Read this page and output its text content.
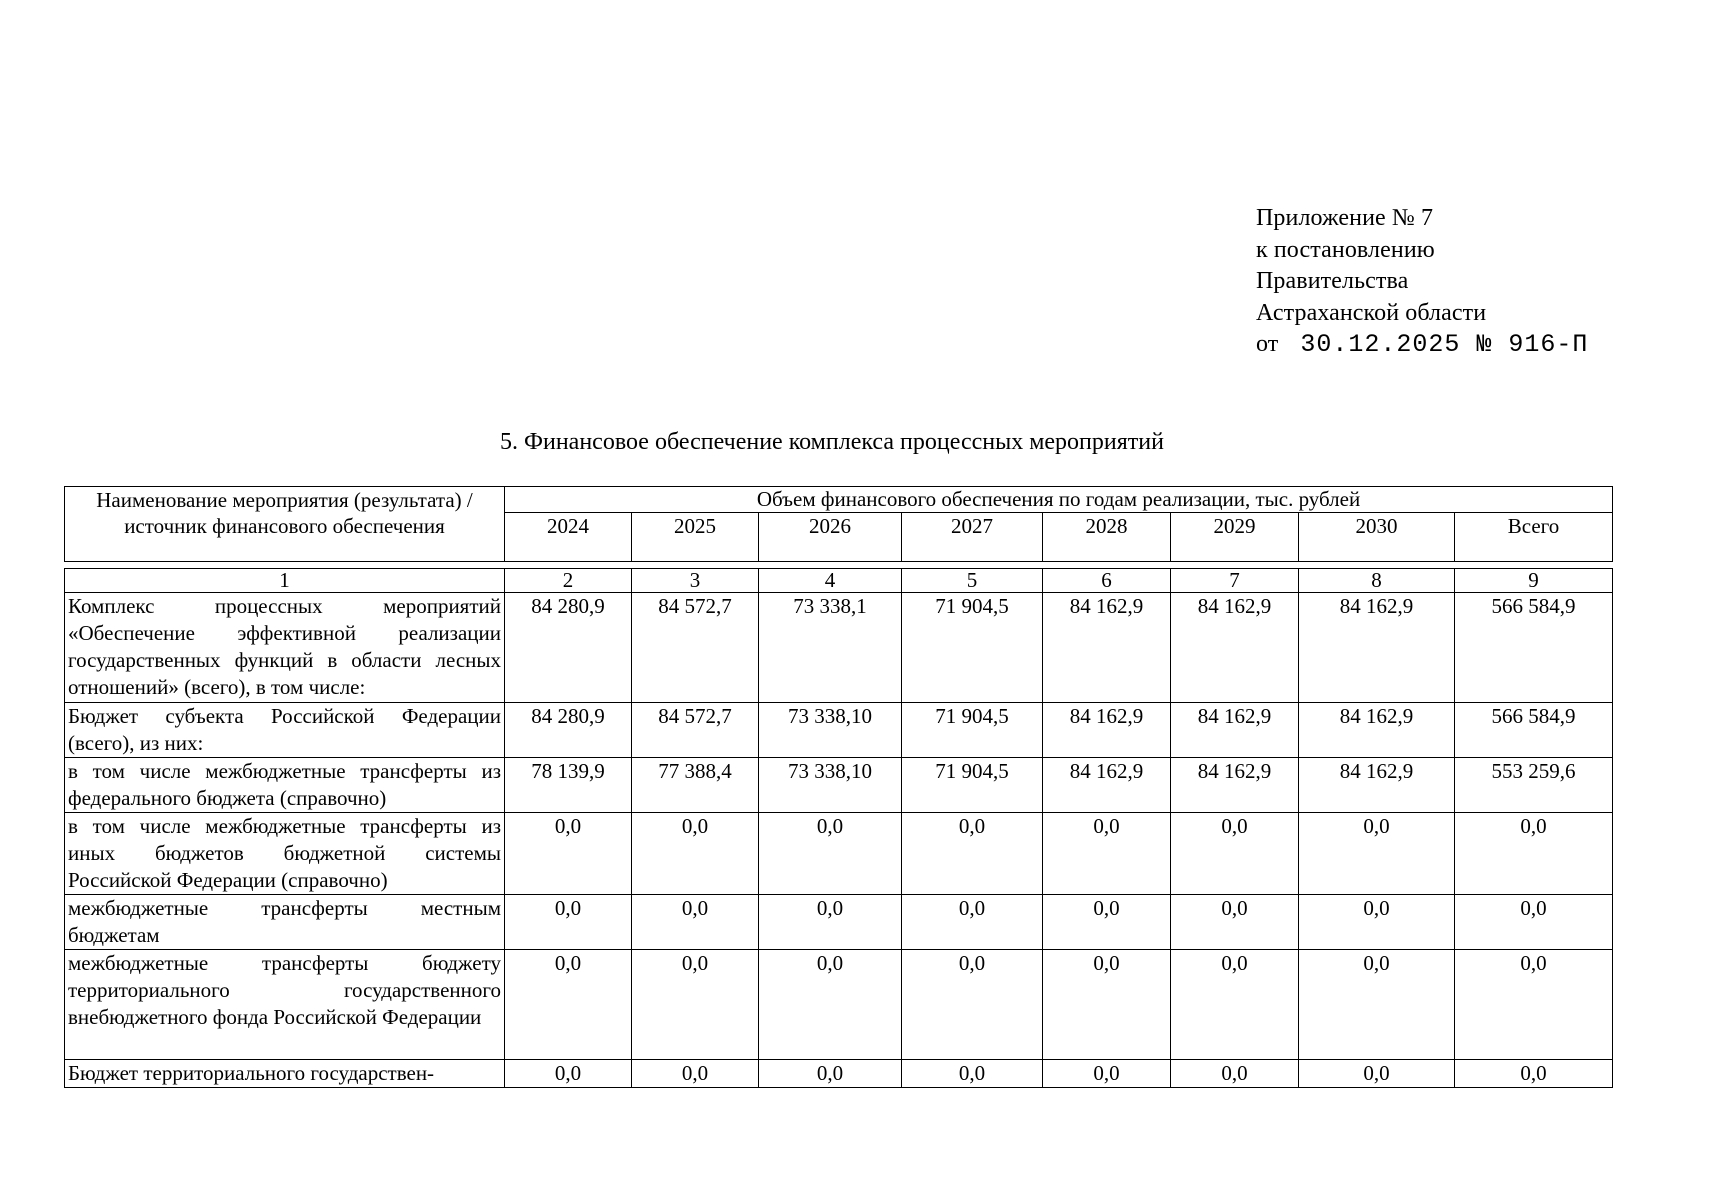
Приложение № 7
к постановлению
Правительства
Астраханской области
от 30.12.2025 № 916-П
5. Финансовое обеспечение комплекса процессных мероприятий
Наименование мероприятия (результата) / источник финансового обеспечения	Объем финансового обеспечения по годам реализации, тыс. рублей							
	2024	2025	2026	2027	2028	2029	2030	Всего

1	2	3	4	5	6	7	8	9
Комплекс процессных мероприятий «Обеспечение эффективной реализации государственных функций в области лесных отношений» (всего), в том числе:	84 280,9	84 572,7	73 338,1	71 904,5	84 162,9	84 162,9	84 162,9	566 584,9
Бюджет субъекта Российской Федерации (всего), из них:	84 280,9	84 572,7	73 338,10	71 904,5	84 162,9	84 162,9	84 162,9	566 584,9
в том числе межбюджетные трансферты из федерального бюджета (справочно)	78 139,9	77 388,4	73 338,10	71 904,5	84 162,9	84 162,9	84 162,9	553 259,6
в том числе межбюджетные трансферты из иных бюджетов бюджетной системы Российской Федерации (справочно)	0,0	0,0	0,0	0,0	0,0	0,0	0,0	0,0
межбюджетные трансферты местным бюджетам	0,0	0,0	0,0	0,0	0,0	0,0	0,0	0,0
межбюджетные трансферты бюджету территориального государственного внебюджетного фонда Российской Федерации	0,0	0,0	0,0	0,0	0,0	0,0	0,0	0,0
Бюджет территориального государствен-	0,0	0,0	0,0	0,0	0,0	0,0	0,0	0,0
